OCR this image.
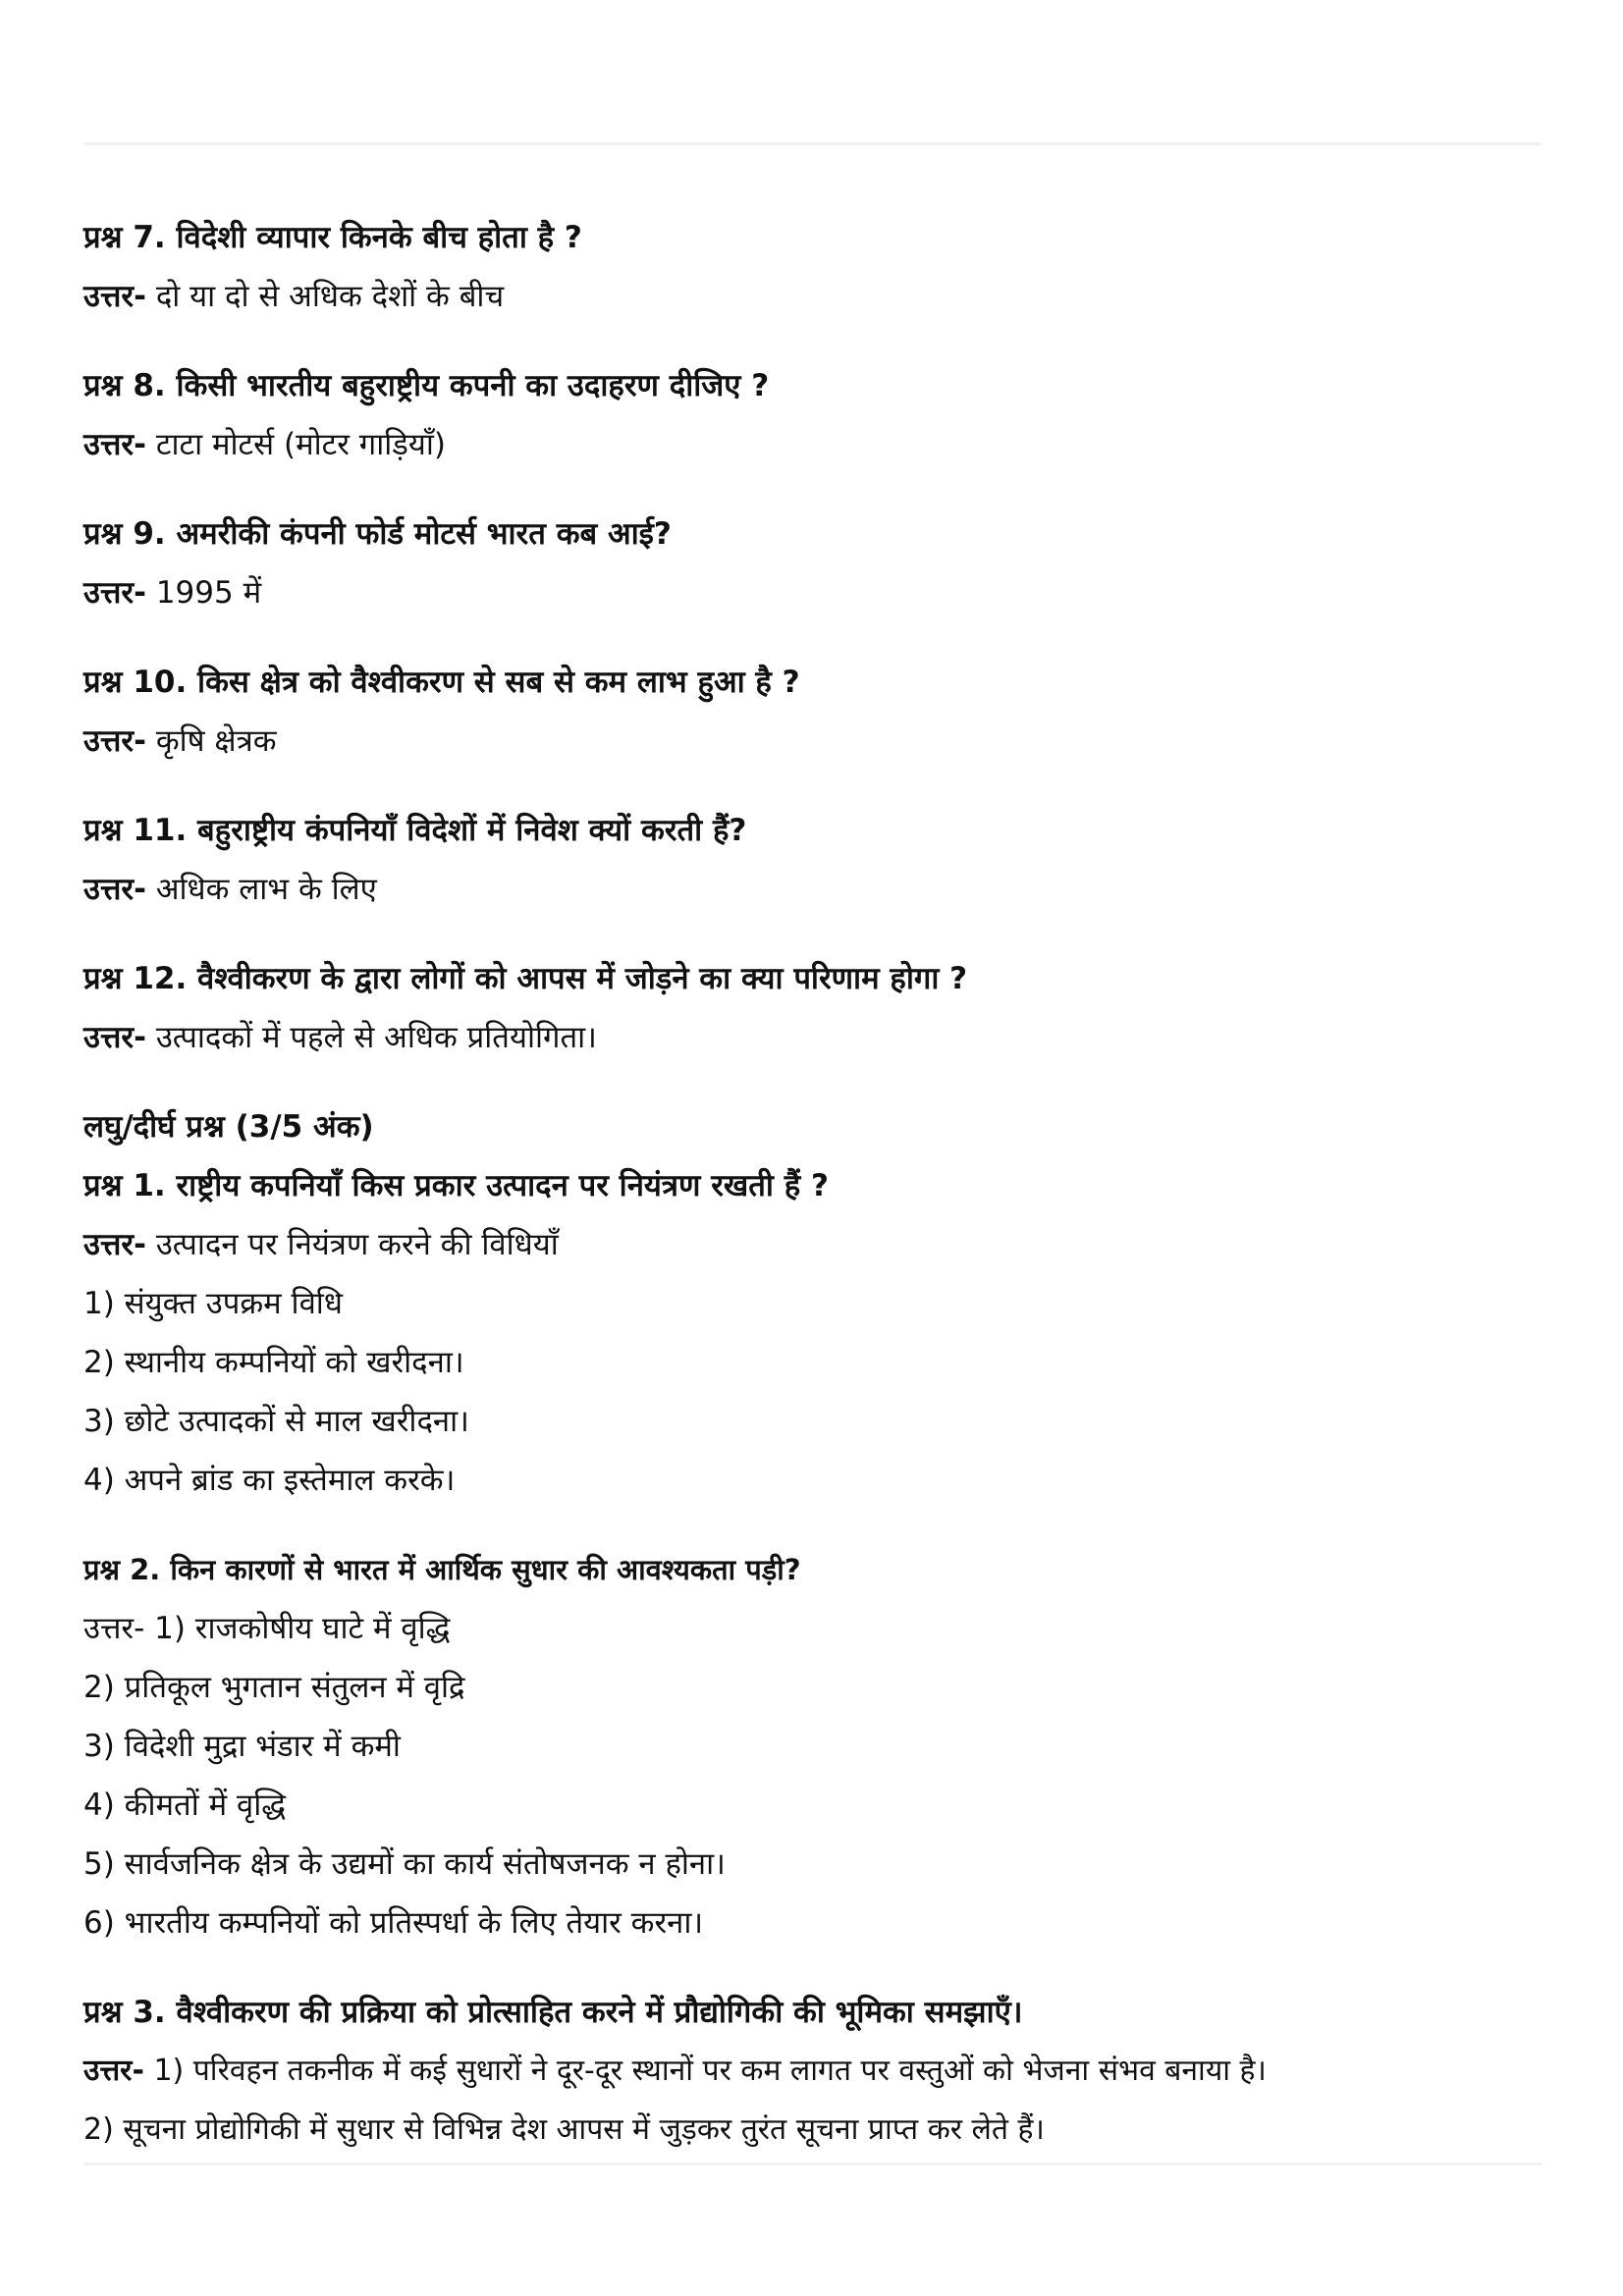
प्रश्न 7. विदेशी व्यापार किनके बीच होता है ?
उत्तर- दो या दो से अधिक देशों के बीच
प्रश्न 8. किसी भारतीय बहुराष्ट्रीय कपनी का उदाहरण दीजिए ?
उत्तर- टाटा मोटर्स (मोटर गाड़ियाँ)
प्रश्न 9. अमरीकी कंपनी फोर्ड मोटर्स भारत कब आई?
उत्तर- 1995 में
प्रश्न 10. किस क्षेत्र को वैश्वीकरण से सब से कम लाभ हुआ है ?
उत्तर- कृषि क्षेत्रक
प्रश्न 11. बहुराष्ट्रीय कंपनियाँ विदेशों में निवेश क्यों करती हैं?
उत्तर- अधिक लाभ के लिए
प्रश्न 12. वैश्वीकरण के द्वारा लोगों को आपस में जोड़ने का क्या परिणाम होगा ?
उत्तर- उत्पादकों में पहले से अधिक प्रतियोगिता।
लघु/दीर्घ प्रश्न (3/5 अंक)
प्रश्न 1. राष्ट्रीय कपनियाँ किस प्रकार उत्पादन पर नियंत्रण रखती हैं ?
उत्तर- उत्पादन पर नियंत्रण करने की विधियाँ
1) संयुक्त उपक्रम विधि
2) स्थानीय कम्पनियों को खरीदना।
3) छोटे उत्पादकों से माल खरीदना।
4) अपने ब्रांड का इस्तेमाल करके।
प्रश्न 2. किन कारणों से भारत में आर्थिक सुधार की आवश्यकता पड़ी?
उत्तर- 1) राजकोषीय घाटे में वृद्धि
2) प्रतिकूल भुगतान संतुलन में वृद्रि
3) विदेशी मुद्रा भंडार में कमी
4) कीमतों में वृद्धि
5) सार्वजनिक क्षेत्र के उद्यमों का कार्य संतोषजनक न होना।
6) भारतीय कम्पनियों को प्रतिस्पर्धा के लिए तेयार करना।
प्रश्न 3. वैश्वीकरण की प्रक्रिया को प्रोत्साहित करने में प्रौद्योगिकी की भूमिका समझाएँ।
उत्तर- 1) परिवहन तकनीक में कई सुधारों ने दूर-दूर स्थानों पर कम लागत पर वस्तुओं को भेजना संभव बनाया है।
2) सूचना प्रोद्योगिकी में सुधार से विभिन्न देश आपस में जुड़कर तुरंत सूचना प्राप्त कर लेते हैं।
